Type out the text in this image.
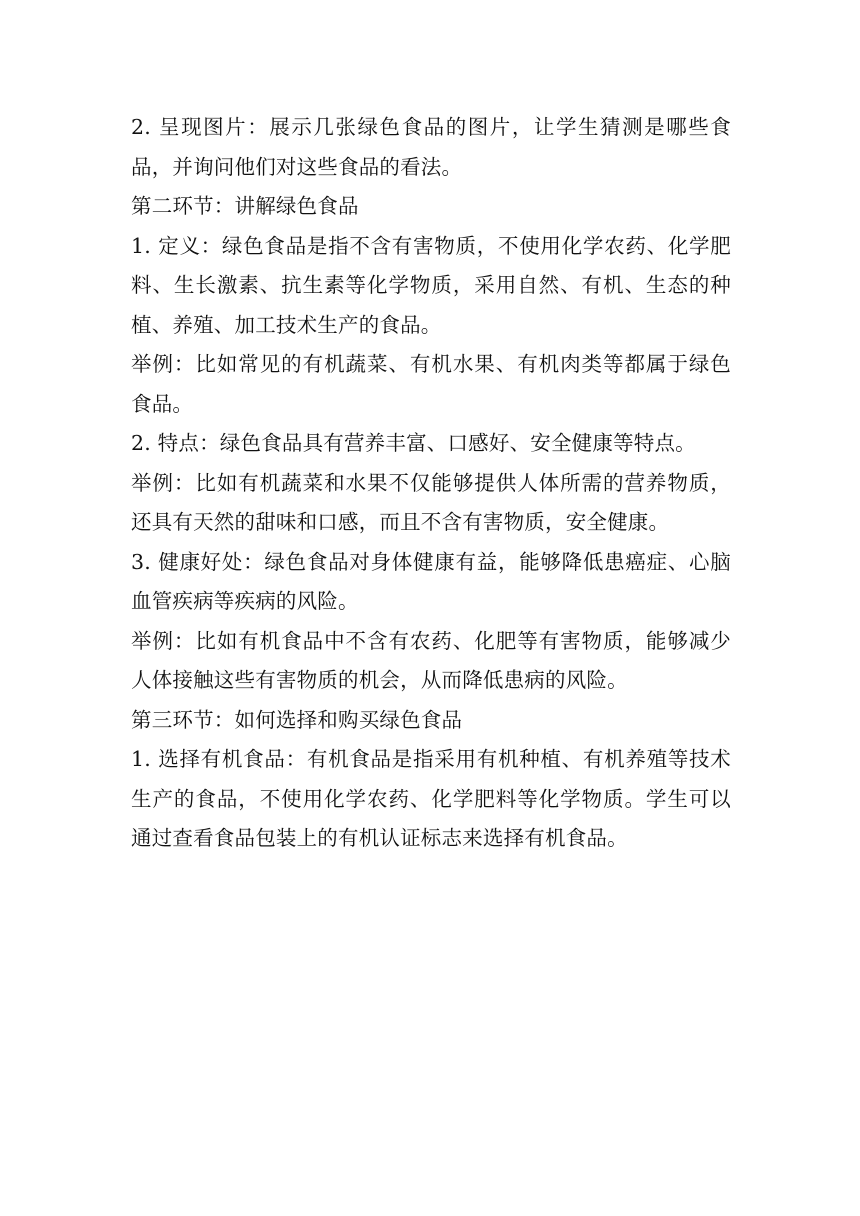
2. 呈现图片：展示几张绿色食品的图片，让学生猜测是哪些食品，并询问他们对这些食品的看法。

第二环节：讲解绿色食品

1. 定义：绿色食品是指不含有害物质，不使用化学农药、化学肥料、生长激素、抗生素等化学物质，采用自然、有机、生态的种植、养殖、加工技术生产的食品。

举例：比如常见的有机蔬菜、有机水果、有机肉类等都属于绿色食品。

2. 特点：绿色食品具有营养丰富、口感好、安全健康等特点。

举例：比如有机蔬菜和水果不仅能够提供人体所需的营养物质，还具有天然的甜味和口感，而且不含有害物质，安全健康。

3. 健康好处：绿色食品对身体健康有益，能够降低患癌症、心脑血管疾病等疾病的风险。

举例：比如有机食品中不含有农药、化肥等有害物质，能够减少人体接触这些有害物质的机会，从而降低患病的风险。

第三环节：如何选择和购买绿色食品

1. 选择有机食品：有机食品是指采用有机种植、有机养殖等技术生产的食品，不使用化学农药、化学肥料等化学物质。学生可以通过查看食品包装上的有机认证标志来选择有机食品。
